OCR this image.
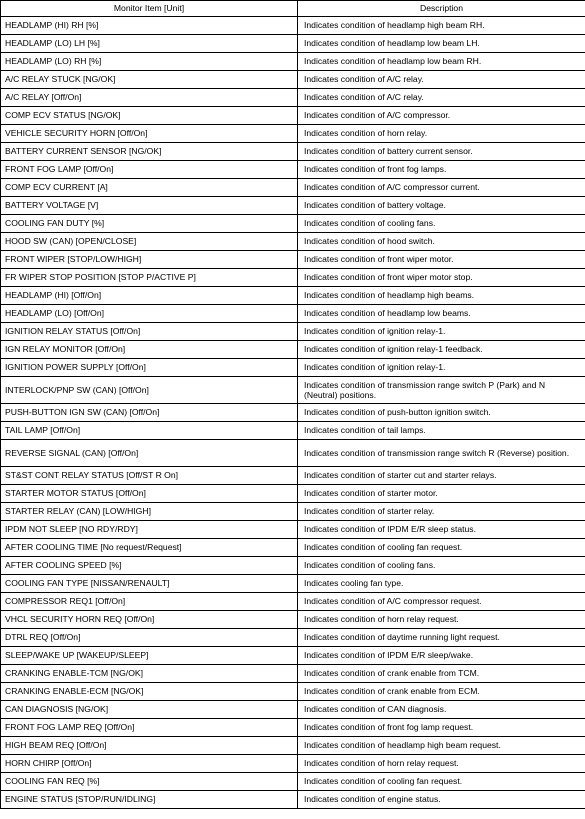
Monitor Item [Unit]	Description
HEADLAMP (HI) RH [%]	Indicates condition of headlamp high beam RH.
HEADLAMP (LO) LH [%]	Indicates condition of headlamp low beam LH.
HEADLAMP (LO) RH [%]	Indicates condition of headlamp low beam RH.
A/C RELAY STUCK [NG/OK]	Indicates condition of A/C relay.
A/C RELAY [Off/On]	Indicates condition of A/C relay.
COMP ECV STATUS [NG/OK]	Indicates condition of A/C compressor.
VEHICLE SECURITY HORN [Off/On]	Indicates condition of horn relay.
BATTERY CURRENT SENSOR [NG/OK]	Indicates condition of battery current sensor.
FRONT FOG LAMP [Off/On]	Indicates condition of front fog lamps.
COMP ECV CURRENT [A]	Indicates condition of A/C compressor current.
BATTERY VOLTAGE [V]	Indicates condition of battery voltage.
COOLING FAN DUTY [%]	Indicates condition of cooling fans.
HOOD SW (CAN) [OPEN/CLOSE]	Indicates condition of hood switch.
FRONT WIPER [STOP/LOW/HIGH]	Indicates condition of front wiper motor.
FR WIPER STOP POSITION [STOP P/ACTIVE P]	Indicates condition of front wiper motor stop.
HEADLAMP (HI) [Off/On]	Indicates condition of headlamp high beams.
HEADLAMP (LO) [Off/On]	Indicates condition of headlamp low beams.
IGNITION RELAY STATUS [Off/On]	Indicates condition of ignition relay-1.
IGN RELAY MONITOR [Off/On]	Indicates condition of ignition relay-1 feedback.
IGNITION POWER SUPPLY [Off/On]	Indicates condition of ignition relay-1.
INTERLOCK/PNP SW (CAN) [Off/On]	Indicates condition of transmission range switch P (Park) and N (Neutral) positions.
PUSH-BUTTON IGN SW (CAN) [Off/On]	Indicates condition of push-button ignition switch.
TAIL LAMP [Off/On]	Indicates condition of tail lamps.
REVERSE SIGNAL (CAN) [Off/On]	Indicates condition of transmission range switch R (Reverse) position.
ST&ST CONT RELAY STATUS [Off/ST R On]	Indicates condition of starter cut and starter relays.
STARTER MOTOR STATUS [Off/On]	Indicates condition of starter motor.
STARTER RELAY (CAN) [LOW/HIGH]	Indicates condition of starter relay.
IPDM NOT SLEEP [NO RDY/RDY]	Indicates condition of IPDM E/R sleep status.
AFTER COOLING TIME [No request/Request]	Indicates condition of cooling fan request.
AFTER COOLING SPEED [%]	Indicates condition of cooling fans.
COOLING FAN TYPE [NISSAN/RENAULT]	Indicates cooling fan type.
COMPRESSOR REQ1 [Off/On]	Indicates condition of A/C compressor request.
VHCL SECURITY HORN REQ [Off/On]	Indicates condition of horn relay request.
DTRL REQ [Off/On]	Indicates condition of daytime running light request.
SLEEP/WAKE UP [WAKEUP/SLEEP]	Indicates condition of IPDM E/R sleep/wake.
CRANKING ENABLE-TCM [NG/OK]	Indicates condition of crank enable from TCM.
CRANKING ENABLE-ECM [NG/OK]	Indicates condition of crank enable from ECM.
CAN DIAGNOSIS [NG/OK]	Indicates condition of CAN diagnosis.
FRONT FOG LAMP REQ [Off/On]	Indicates condition of front fog lamp request.
HIGH BEAM REQ [Off/On]	Indicates condition of headlamp high beam request.
HORN CHIRP [Off/On]	Indicates condition of horn relay request.
COOLING FAN REQ [%]	Indicates condition of cooling fan request.
ENGINE STATUS [STOP/RUN/IDLING]	Indicates condition of engine status.
